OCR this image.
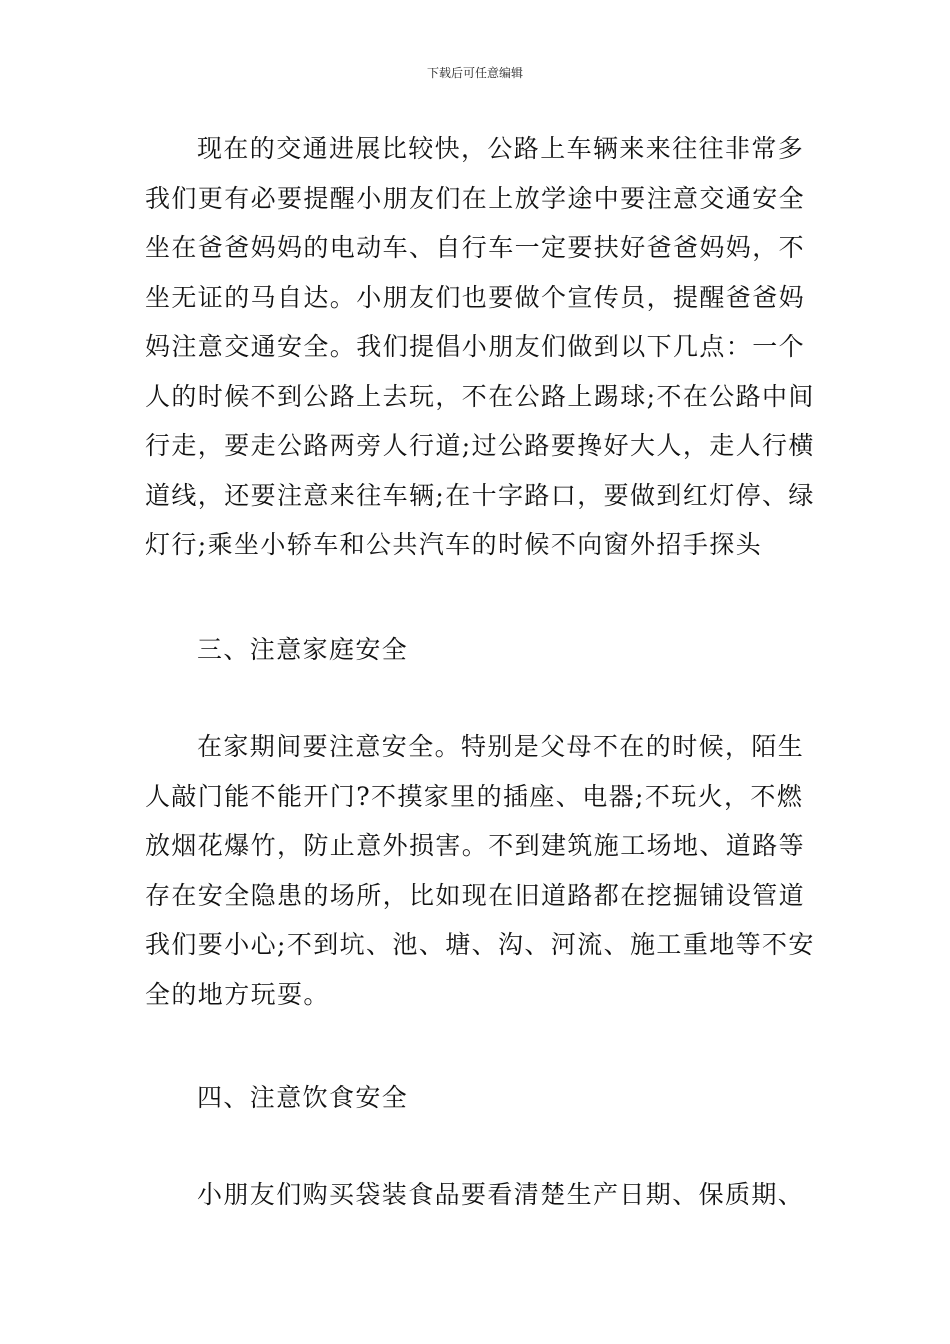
下载后可任意编辑
现在的交通进展比较快，公路上车辆来来往往非常多
我们更有必要提醒小朋友们在上放学途中要注意交通安全
坐在爸爸妈妈的电动车、自行车一定要扶好爸爸妈妈，不
坐无证的马自达。小朋友们也要做个宣传员，提醒爸爸妈
妈注意交通安全。我们提倡小朋友们做到以下几点：一个
人的时候不到公路上去玩，不在公路上踢球;不在公路中间
行走，要走公路两旁人行道;过公路要搀好大人，走人行横
道线，还要注意来往车辆;在十字路口，要做到红灯停、绿
灯行;乘坐小轿车和公共汽车的时候不向窗外招手探头
三、注意家庭安全
在家期间要注意安全。特别是父母不在的时候，陌生
人敲门能不能开门?不摸家里的插座、电器;不玩火，不燃
放烟花爆竹，防止意外损害。不到建筑施工场地、道路等
存在安全隐患的场所，比如现在旧道路都在挖掘铺设管道
我们要小心;不到坑、池、塘、沟、河流、施工重地等不安
全的地方玩耍。
四、注意饮食安全
小朋友们购买袋装食品要看清楚生产日期、保质期、
